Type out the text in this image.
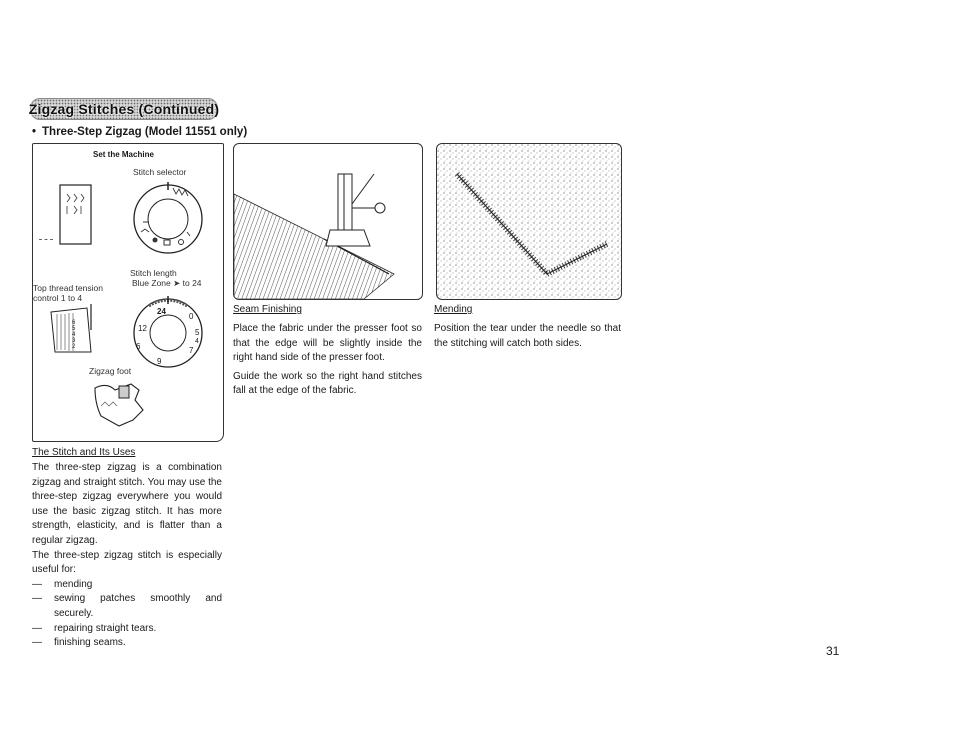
Zigzag Stitches (Continued)
• Three-Step Zigzag (Model 11551 only)
Set the Machine
Stitch selector
Stitch length
Blue Zone ➤ to 24
Top thread tension
control 1 to 4
6
5
4
3
2
24
0
12	5
6	7
4
9
Zigzag foot
Seam Finishing	Mending

Place the fabric under the presser foot so that the edge will be slightly inside the right hand side of the presser foot.

Guide the work so the right hand stitches fall at the edge of the fabric.

Position the tear under the needle so that the stitching will catch both sides.

The Stitch and Its Uses

The three-step zigzag is a combination zigzag and straight stitch. You may use the three-step zigzag everywhere you would use the basic zigzag stitch. It has more strength, elasticity, and is flatter than a regular zigzag.

The three-step zigzag stitch is especially useful for:

—	mending
—	sewing patches smoothly and securely.
—	repairing straight tears.
—	finishing seams.
31
